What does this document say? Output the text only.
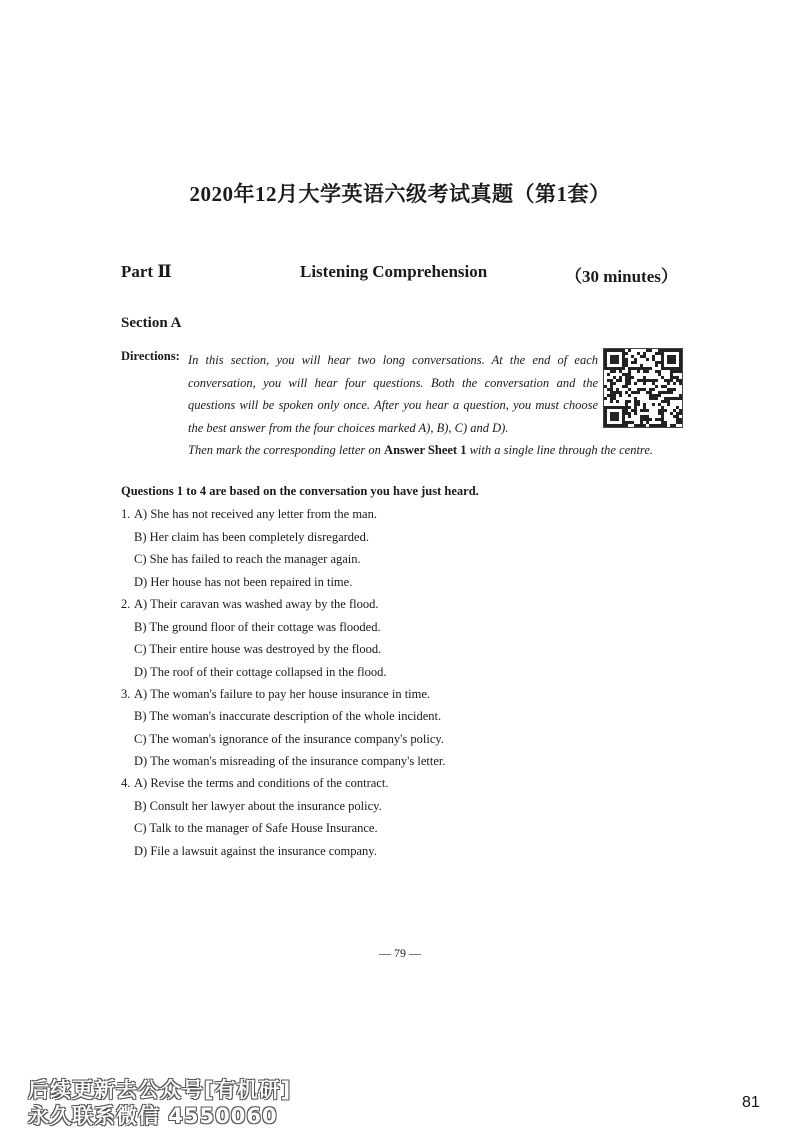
2020年12月大学英语六级考试真题（第1套）
Part Ⅱ	Listening Comprehension	（30 minutes）
Section A
Directions: In this section, you will hear two long conversations. At the end of each conversation, you will hear four questions. Both the conversation and the questions will be spoken only once. After you hear a question, you must choose the best answer from the four choices marked A), B), C) and D).
Then mark the corresponding letter on Answer Sheet 1 with a single line through the centre.
Questions 1 to 4 are based on the conversation you have just heard.
1. A) She has not received any letter from the man.
B) Her claim has been completely disregarded.
C) She has failed to reach the manager again.
D) Her house has not been repaired in time.
2. A) Their caravan was washed away by the flood.
B) The ground floor of their cottage was flooded.
C) Their entire house was destroyed by the flood.
D) The roof of their cottage collapsed in the flood.
3. A) The woman's failure to pay her house insurance in time.
B) The woman's inaccurate description of the whole incident.
C) The woman's ignorance of the insurance company's policy.
D) The woman's misreading of the insurance company's letter.
4. A) Revise the terms and conditions of the contract.
B) Consult her lawyer about the insurance policy.
C) Talk to the manager of Safe House Insurance.
D) File a lawsuit against the insurance company.
— 79 —
后续更新去公众号[有机研]
永久联系微信 4550060
81
